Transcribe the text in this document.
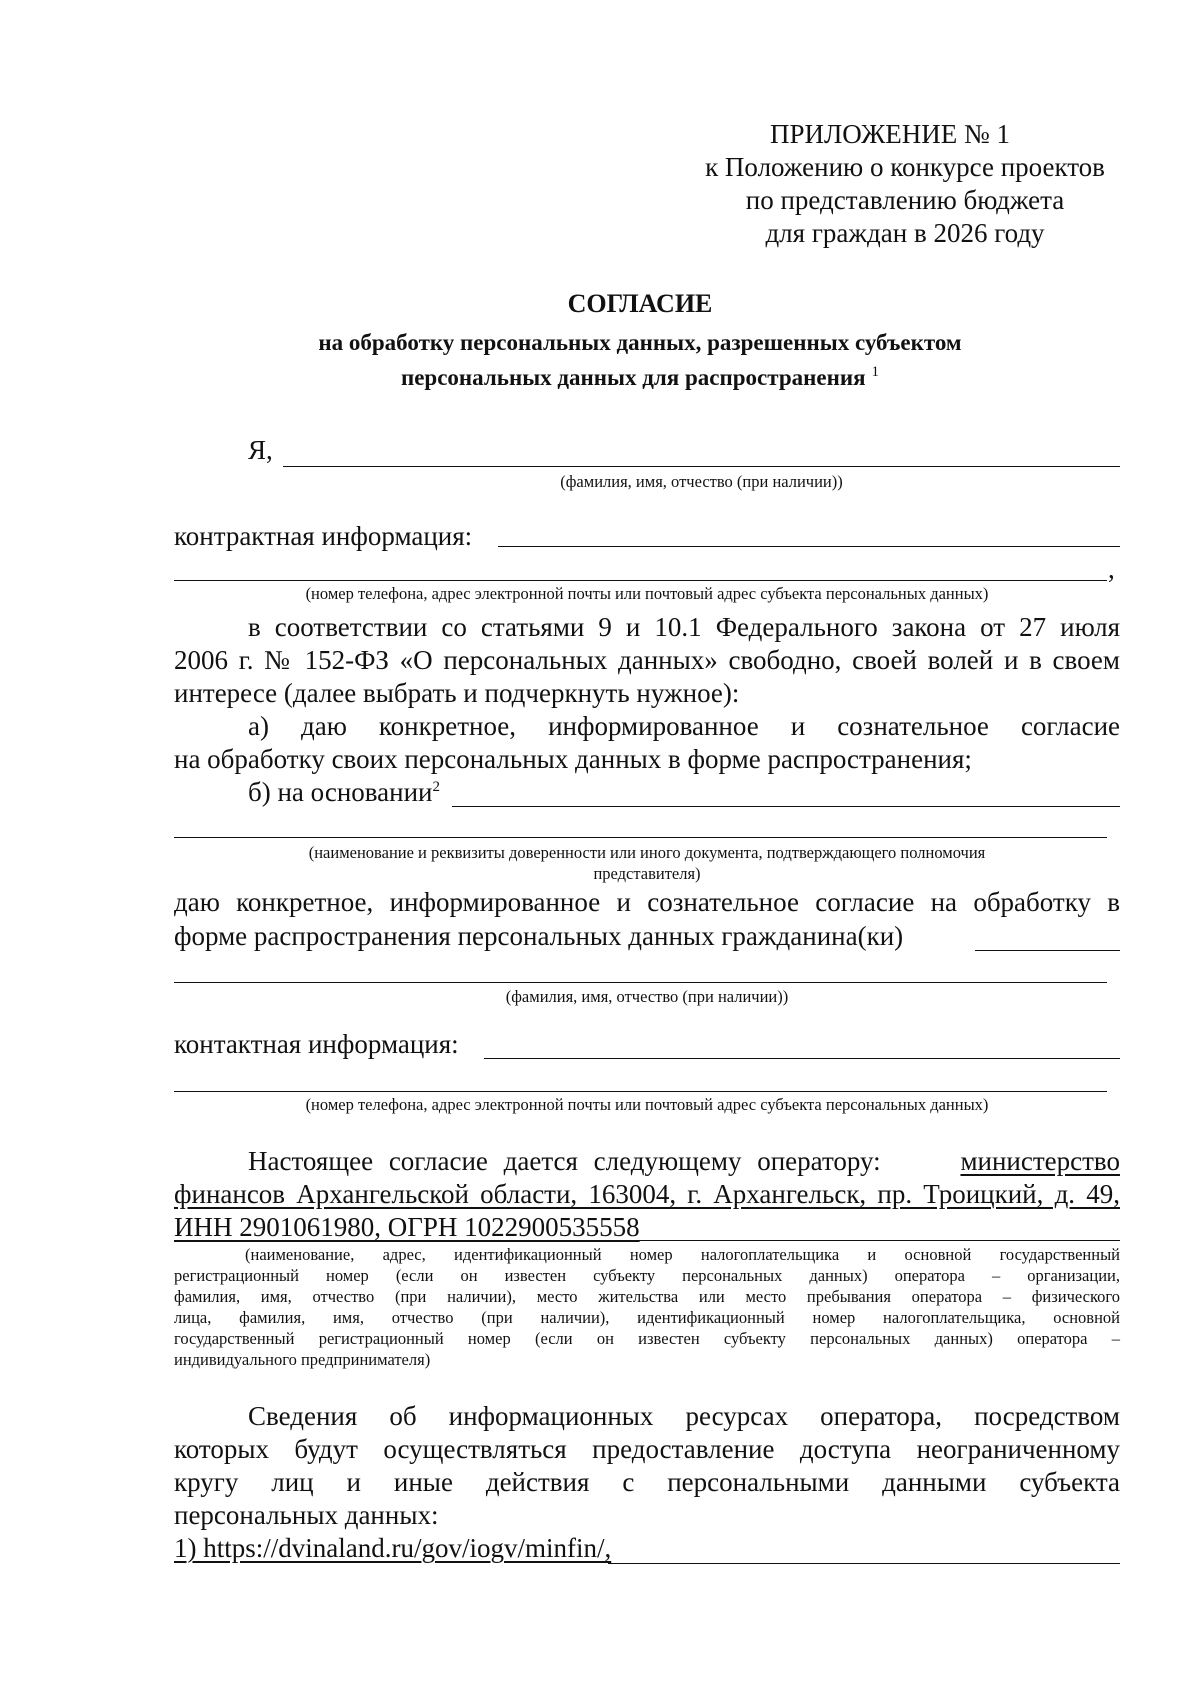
ПРИЛОЖЕНИЕ № 1
к Положению о конкурсе проектов
по представлению бюджета
для граждан в 2026 году
СОГЛАСИЕ
на обработку персональных данных, разрешенных субъектом
персональных данных для распространения $^1$
Я,
(фамилия, имя, отчество (при наличии))
контрактная информация:
,
(номер телефона, адрес электронной почты или почтовый адрес субъекта персональных данных)
в соответствии со статьями 9 и 10.1 Федерального закона от 27 июля
2006 г. № 152-ФЗ «О персональных данных» свободно, своей волей и в своем
интересе (далее выбрать и подчеркнуть нужное):
а) даю конкретное, информированное и сознательное согласие
на обработку своих персональных данных в форме распространения;
б) на основании$^2$
(наименование и реквизиты доверенности или иного документа, подтверждающего полномочия
представителя)
даю конкретное, информированное и сознательное согласие на обработку в
форме распространения персональных данных гражданина(ки)
(фамилия, имя, отчество (при наличии))
контактная информация:
(номер телефона, адрес электронной почты или почтовый адрес субъекта персональных данных)
Настоящее согласие дается следующему оператору:	министерство
финансов Архангельской области, 163004, г. Архангельск, пр. Троицкий, д. 49,
ИНН 2901061980, ОГРН 1022900535558
(наименование, адрес, идентификационный номер налогоплательщика и основной государственный
регистрационный номер (если он известен субъекту персональных данных) оператора – организации,
фамилия, имя, отчество (при наличии), место жительства или место пребывания оператора – физического
лица, фамилия, имя, отчество (при наличии), идентификационный номер налогоплательщика, основной
государственный регистрационный номер (если он известен субъекту персональных данных) оператора –
индивидуального предпринимателя)
Сведения об информационных ресурсах оператора, посредством
которых будут осуществляться предоставление доступа неограниченному
кругу лиц и иные действия с персональными данными субъекта
персональных данных:
1) https://dvinaland.ru/gov/iogv/minfin/,
